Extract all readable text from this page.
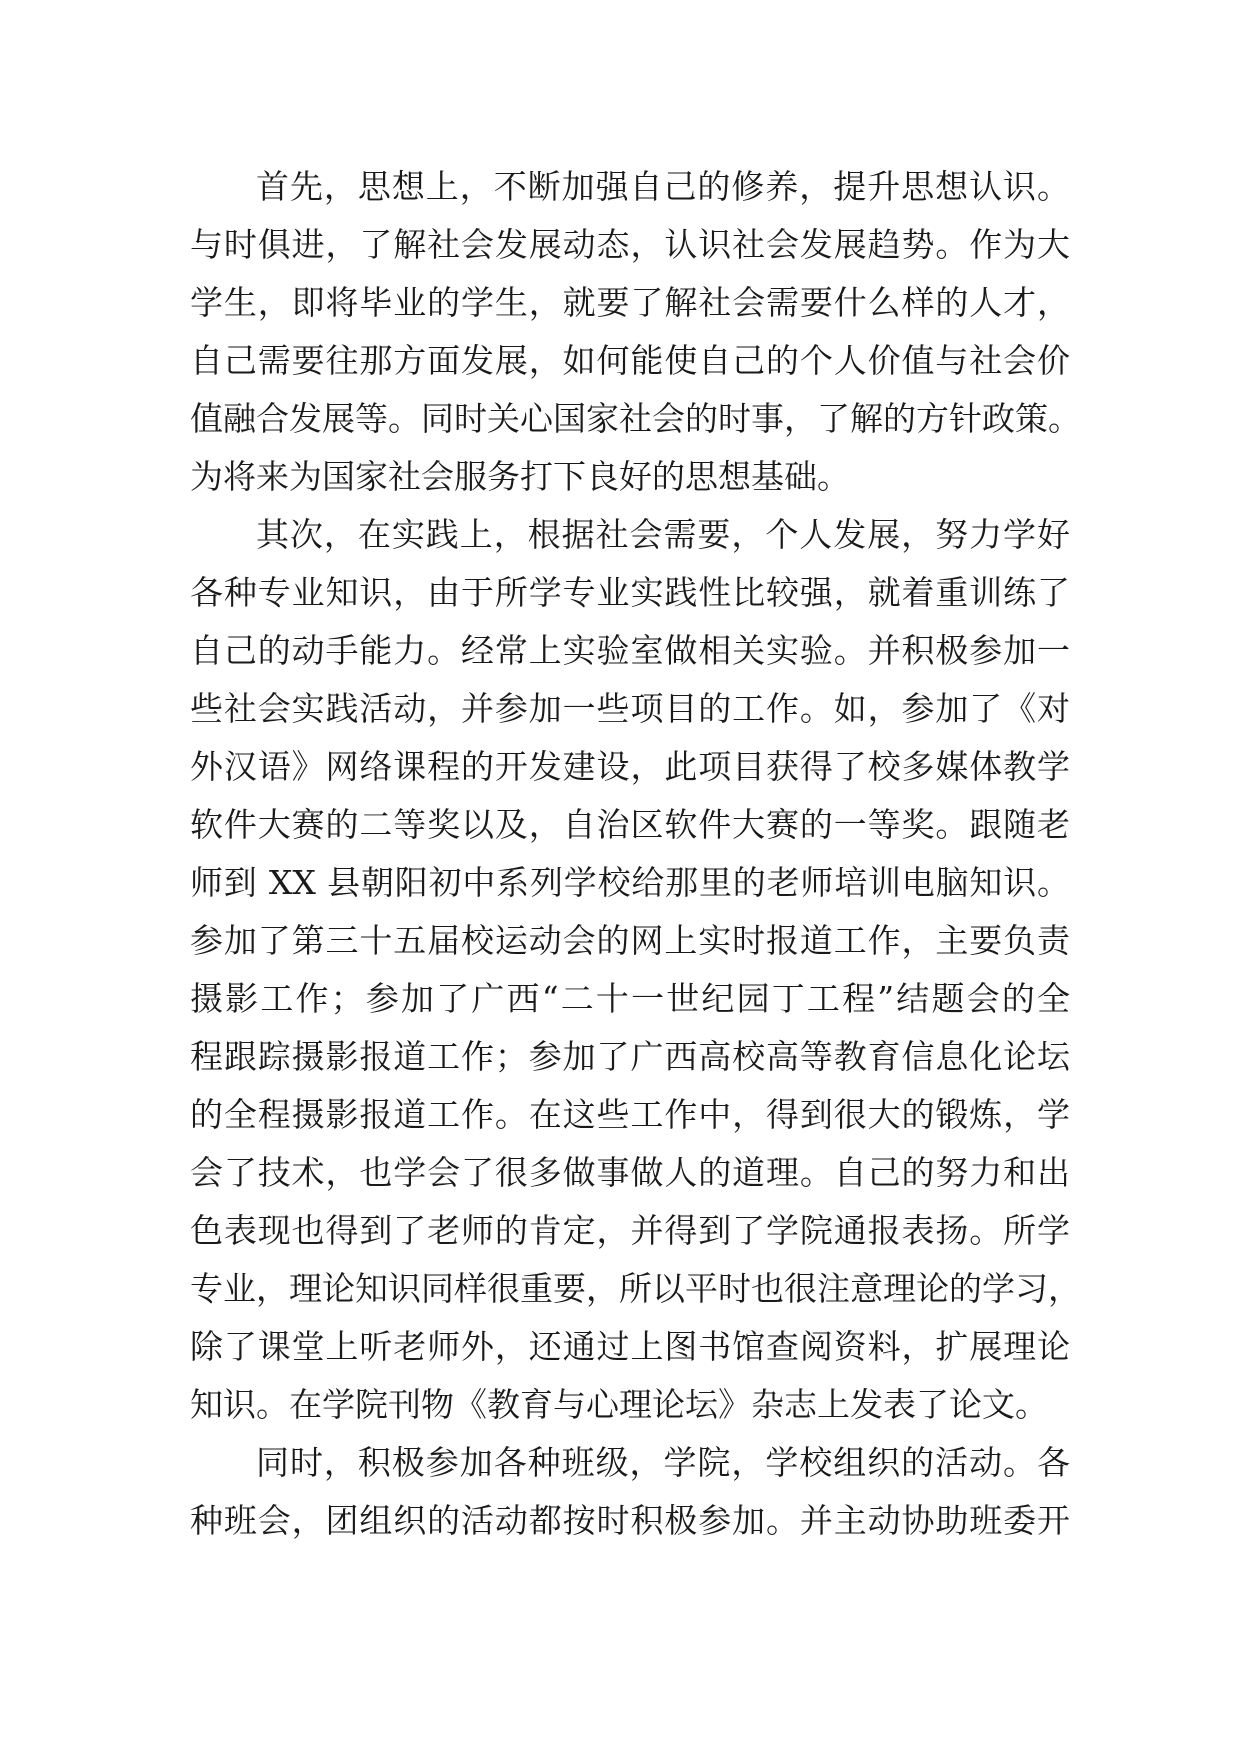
首先，思想上，不断加强自己的修养，提升思想认识。
与时俱进，了解社会发展动态，认识社会发展趋势。作为大
学生，即将毕业的学生，就要了解社会需要什么样的人才，
自己需要往那方面发展，如何能使自己的个人价值与社会价
值融合发展等。同时关心国家社会的时事，了解的方针政策。
为将来为国家社会服务打下良好的思想基础。
其次，在实践上，根据社会需要，个人发展，努力学好
各种专业知识，由于所学专业实践性比较强，就着重训练了
自己的动手能力。经常上实验室做相关实验。并积极参加一
些社会实践活动，并参加一些项目的工作。如，参加了《对
外汉语》网络课程的开发建设，此项目获得了校多媒体教学
软件大赛的二等奖以及，自治区软件大赛的一等奖。跟随老
师到 XX 县朝阳初中系列学校给那里的老师培训电脑知识。
参加了第三十五届校运动会的网上实时报道工作，主要负责
摄影工作；参加了广西“二十一世纪园丁工程”结题会的全
程跟踪摄影报道工作；参加了广西高校高等教育信息化论坛
的全程摄影报道工作。在这些工作中，得到很大的锻炼，学
会了技术，也学会了很多做事做人的道理。自己的努力和出
色表现也得到了老师的肯定，并得到了学院通报表扬。所学
专业，理论知识同样很重要，所以平时也很注意理论的学习，
除了课堂上听老师外，还通过上图书馆查阅资料，扩展理论
知识。在学院刊物《教育与心理论坛》杂志上发表了论文。
同时，积极参加各种班级，学院，学校组织的活动。各
种班会，团组织的活动都按时积极参加。并主动协助班委开
